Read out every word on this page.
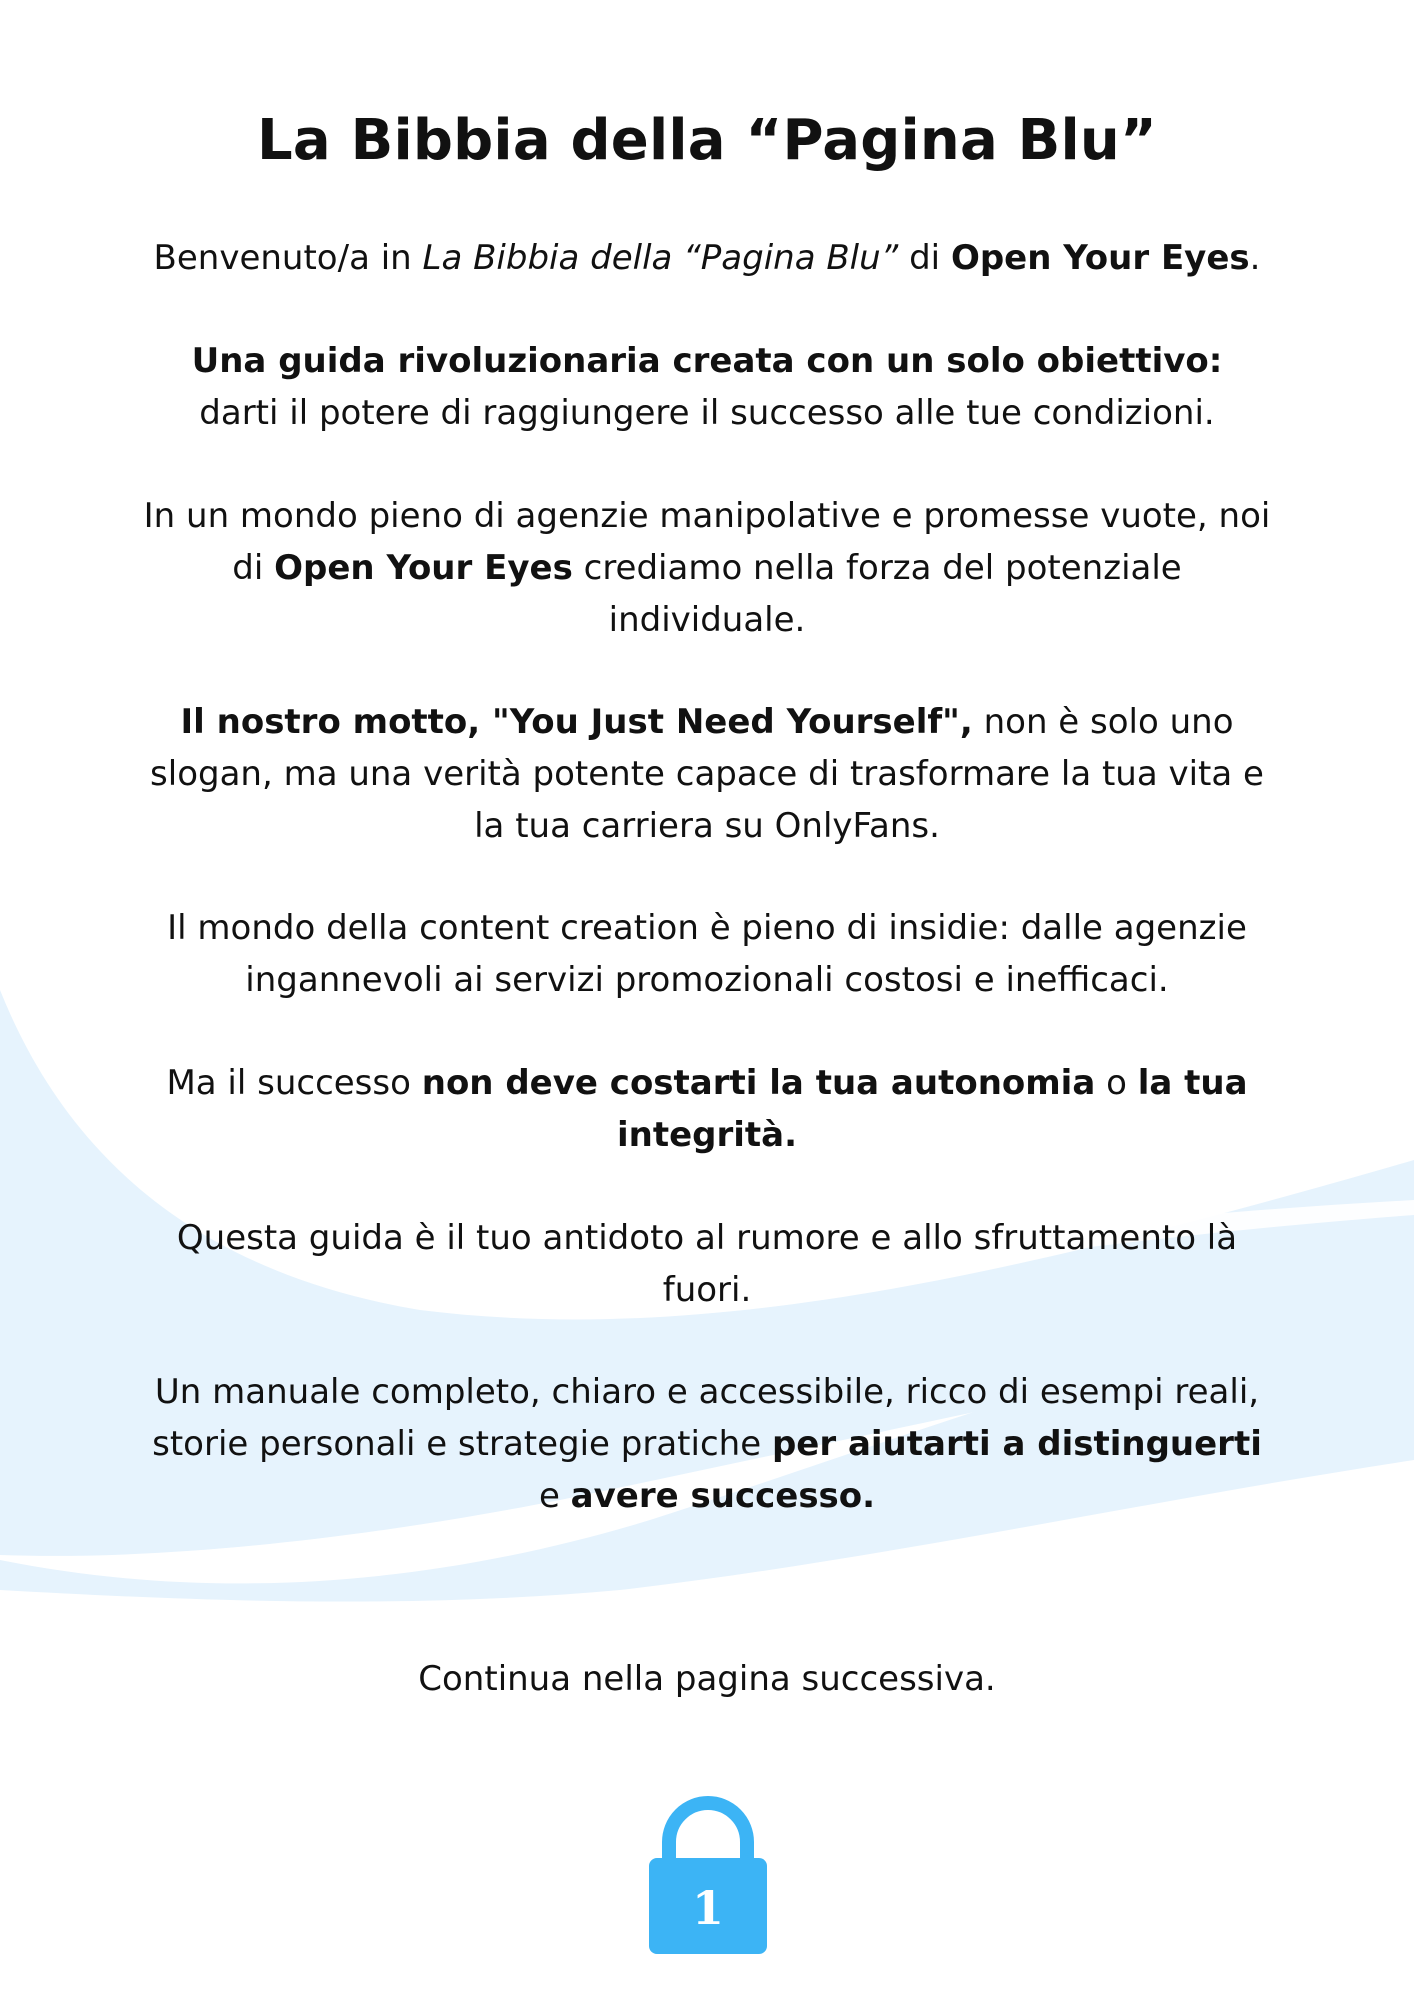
La Bibbia della “Pagina Blu”

Benvenuto/a in La Bibbia della “Pagina Blu” di Open Your Eyes.

Una guida rivoluzionaria creata con un solo obiettivo:
darti il potere di raggiungere il successo alle tue condizioni.

In un mondo pieno di agenzie manipolative e promesse vuote, noi di Open Your Eyes crediamo nella forza del potenziale individuale.

Il nostro motto, "You Just Need Yourself", non è solo uno slogan, ma una verità potente capace di trasformare la tua vita e la tua carriera su OnlyFans.

Il mondo della content creation è pieno di insidie: dalle agenzie ingannevoli ai servizi promozionali costosi e inefficaci.

Ma il successo non deve costarti la tua autonomia o la tua integrità.

Questa guida è il tuo antidoto al rumore e allo sfruttamento là fuori.

Un manuale completo, chiaro e accessibile, ricco di esempi reali, storie personali e strategie pratiche per aiutarti a distinguerti e avere successo.

Continua nella pagina successiva.

1
